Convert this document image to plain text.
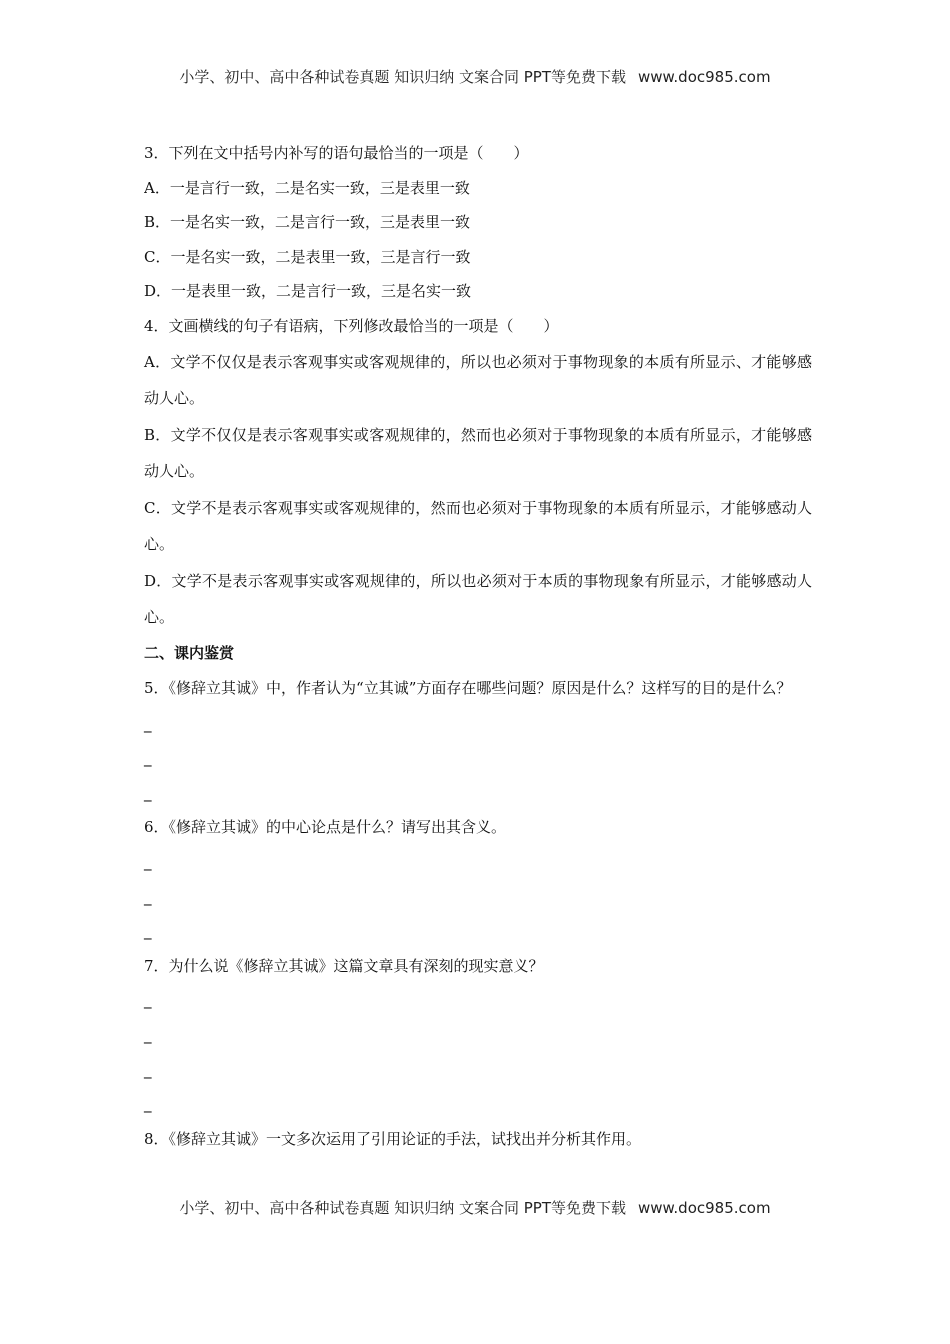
小学、初中、高中各种试卷真题 知识归纳 文案合同 PPT等免费下载 www.doc985.com
3．下列在文中括号内补写的语句最恰当的一项是（　　）
A．一是言行一致，二是名实一致，三是表里一致
B．一是名实一致，二是言行一致，三是表里一致
C．一是名实一致，二是表里一致，三是言行一致
D．一是表里一致，二是言行一致，三是名实一致
4．文画横线的句子有语病，下列修改最恰当的一项是（　　）
A．文学不仅仅是表示客观事实或客观规律的，所以也必须对于事物现象的本质有所显示、才能够感动人心。
B．文学不仅仅是表示客观事实或客观规律的，然而也必须对于事物现象的本质有所显示，才能够感动人心。
C．文学不是表示客观事实或客观规律的，然而也必须对于事物现象的本质有所显示，才能够感动人心。
D．文学不是表示客观事实或客观规律的，所以也必须对于本质的事物现象有所显示，才能够感动人心。
二、课内鉴赏
5．《修辞立其诚》中，作者认为“立其诚”方面存在哪些问题？原因是什么？这样写的目的是什么？
_
_
_
6．《修辞立其诚》的中心论点是什么？请写出其含义。
_
_
_
7．为什么说《修辞立其诚》这篇文章具有深刻的现实意义？
_
_
_
_
8．《修辞立其诚》一文多次运用了引用论证的手法，试找出并分析其作用。
小学、初中、高中各种试卷真题 知识归纳 文案合同 PPT等免费下载 www.doc985.com
